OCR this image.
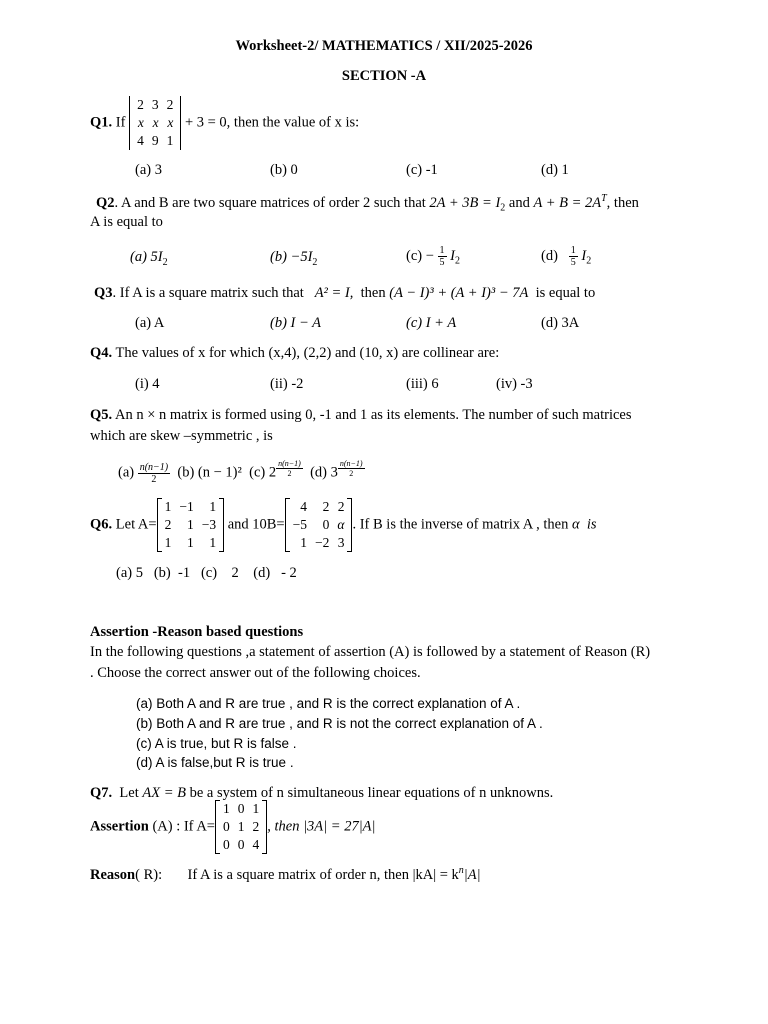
Worksheet-2/ MATHEMATICS / XII/2025-2026
SECTION -A
Q1. If
2 3 2
x x x
4 9 1
+ 3 = 0, then the value of x is:
(a) 3	(b) 0	(c) -1	(d) 1
Q2. A and B are two square matrices of order 2 such that $2A + 3B = I_2$ and $A + B = 2A^T$, then
A is equal to
(a) $5I_2$	$(b) -5I_2$	$(c) - \frac{1}{5} I_2$	$(d) \frac{1}{5} I_2$
Q3. If A is a square matrix such that A² = I, then (A − I)³ + (A + I)³ − 7A is equal to
(a) A	(b) I − A	(c) I + A	(d) 3A
Q4. The values of x for which (x,4), (2,2) and (10, x) are collinear are:
(i) 4	(ii) -2	(iii) 6	(iv) -3
Q5. An n × n matrix is formed using 0, -1 and 1 as its elements. The number of such matrices
which are skew –symmetric , is
$(a) \frac{n(n-1)}{2} (b) (n - 1)^2$ (c) 2 $^{\frac{n(n-1)}{2}}$ (d) 3 $^{\frac{n(n-1)}{2}}$
Q6. Let A=
1 −1	1
2	1 −3
1	1	1
and 10B=
4	2 2
−5	0 α
1 −2 3
. If B is the inverse of matrix A , then α is
(a) 5   (b)  -1   (c)    2    (d)   - 2
Assertion -Reason based questions
In the following questions ,a statement of assertion (A) is followed by a statement of Reason (R)
. Choose the correct answer out of the following choices.
(a) Both A and R are true , and R is the correct explanation of A .
(b) Both A and R are true , and R is not the correct explanation of A .
(c) A is true, but R is false .
(d) A is false,but R is true .
Q7. Let AX = B be a system of n simultaneous linear equations of n unknowns.
Assertion (A) : If A=
1 0 1
0 1 2
0 0 4
, then |3A| = 27|A|
Reason( R): If A is a square matrix of order n, then $|kA| = k^n|A|$
